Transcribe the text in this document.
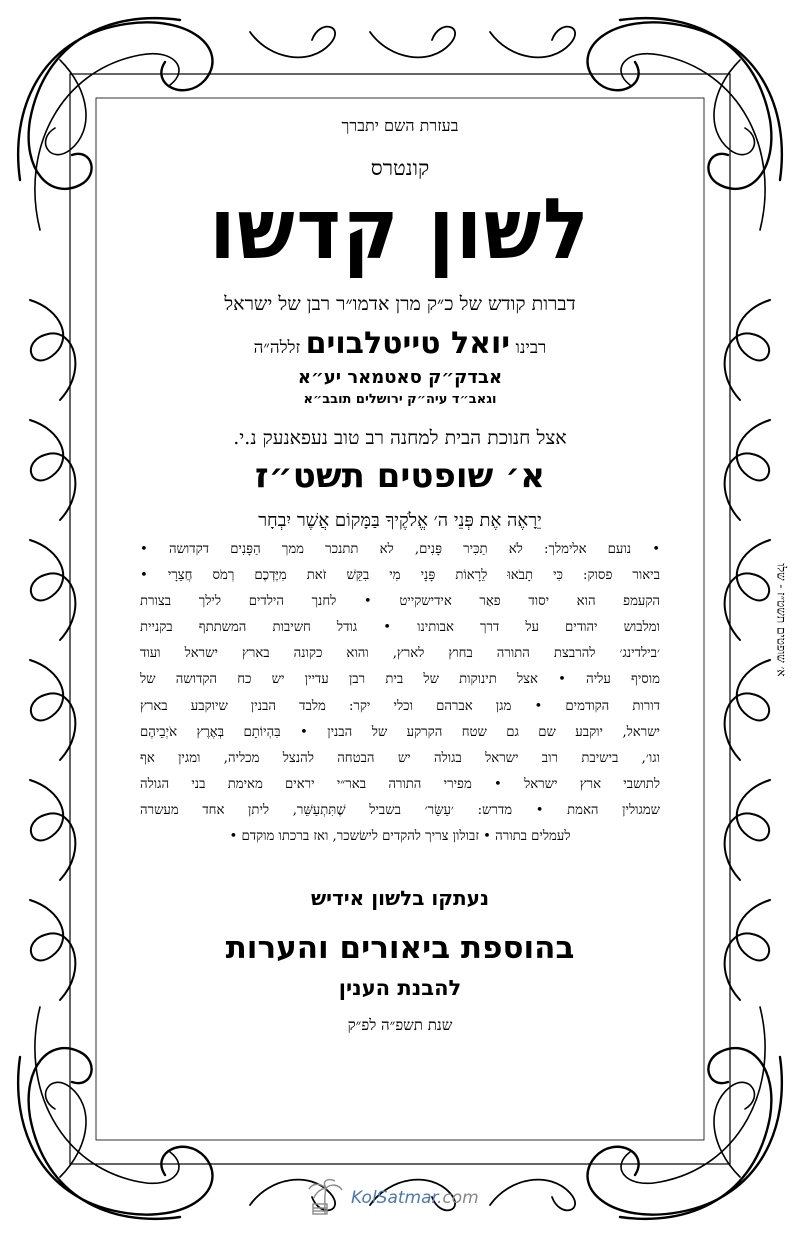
בעזרת השם יתברך

קונטרס

לשון קדשו

דברות קודש של כ״ק מרן אדמו״ר רבן של ישראל

רבינו יואל טייטלבוים זללה״ה

אבדק״ק סאטמאר יע״א

וגאב״ד עיה״ק ירושלים תובב״א

אצל חנוכת הבית למחנה רב טוב נעפאנעק נ.י.

א׳ שופטים תשט״ז

יֵרָאֶה אֶת פְּנֵי ה׳ אֱלֹקֶיךָ בַּמָּקוֹם אֲשֶׁר יִבְחָר

• נועם אלימלך: לֹא תַכִּיר פָּנִים, לא תתנכר ממך הַפָּנִים דקדושה •
ביאור פסוק: כִּי תָבֹאוּ לֵרָאוֹת פָּנָי מִי בִקֵּשׁ זֹאת מִיֶּדְכֶם רְמֹס חֲצֵרָי •
הקעמפ הוא יסוד פאַר אידישקייט • לחנך הילדים לילך בצורת
ומלבוש יהודים על דרך אבותינו • גודל חשיבות המשתתף בקניית
׳בילדינג׳ להרבצת התורה בחוץ לארץ, והוא כקונה בארץ ישראל ועוד
מוסיף עליה • אצל תינוקות של בית רבן עדיין יש כח הקדושה של
דורות הקודמים • מגן אברהם וכלי יקר: מלבד הבנין שיוקבע בארץ
ישראל, יוקבע שם גם שטח הקרקע של הבנין • בִּהְיוֹתָם בְּאֶרֶץ אֹיְבֵיהֶם
וגו׳, בישיבת רוב ישראל בגולה יש הבטחה להנצל מכליה, ומגין אף
לתושבי ארץ ישראל • מפירי התורה באר״י יראים מאימת בני הגולה
שמגולין האמת • מדרש: ׳עַשֵּׂר׳ בשביל שֶׁתִּתְעַשֵּׁר, ליתן אחד מעשרה
לעמלים בתורה • זבולון צריך להקדים לישׂשכר, ואז ברכתו מוקדם •

נעתקו בלשון אידיש

בהוספת ביאורים והערות

להבנת הענין

שנת תשפ״ה לפ״ק

א׳ שופטים תשט״ז - שלו
KolSatmar.com
